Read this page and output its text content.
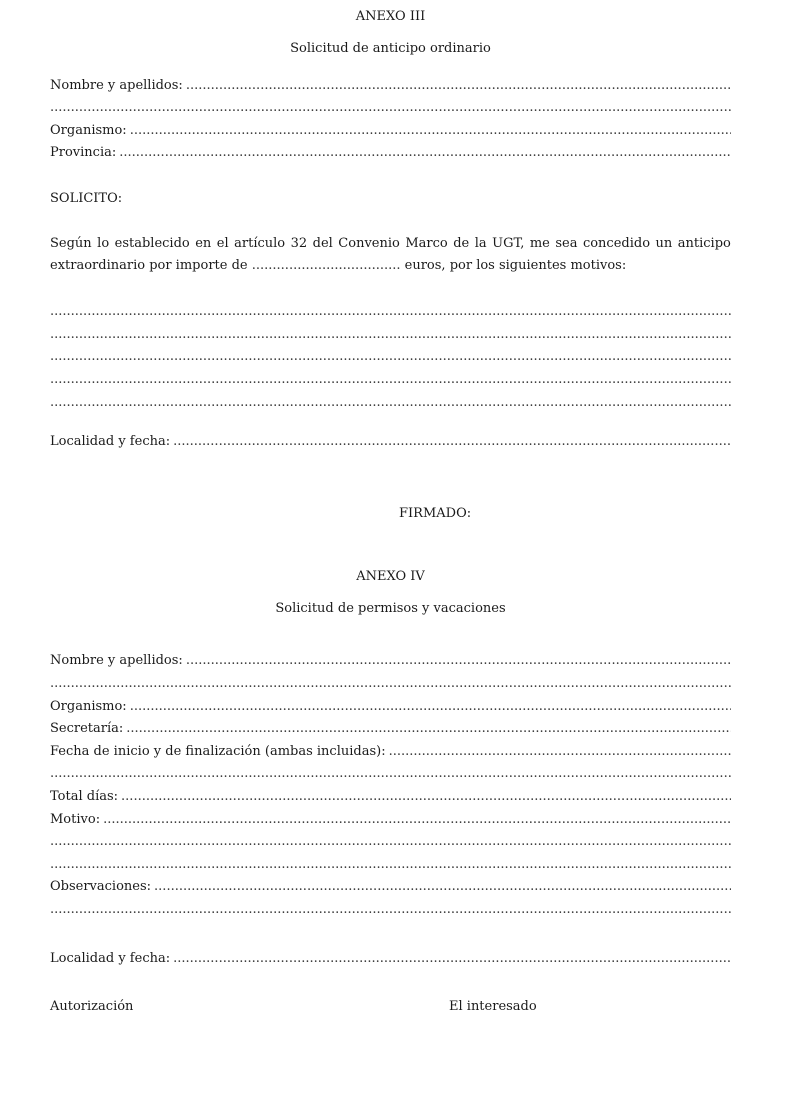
ANEXO III
Solicitud de anticipo ordinario
Nombre y apellidos:
.....
.....
Organismo:
.....
Provincia:
.....
SOLICITO:
Según lo establecido en el artículo 32 del Convenio Marco de la UGT, me sea concedido un anticipo
extraordinario por importe de .................................... euros, por los siguientes motivos:
.....
.....
.....
.....
.....
Localidad y fecha:
.....
FIRMADO:
ANEXO IV
Solicitud de permisos y vacaciones
Nombre y apellidos:
.....
.....
Organismo:
.....
Secretaría:
.....
Fecha de inicio y de finalización (ambas incluidas):
.....
.....
Total días:
.....
Motivo:
.....
.....
.....
Observaciones:
.....
.....
Localidad y fecha:
.....
Autorización	El interesado
